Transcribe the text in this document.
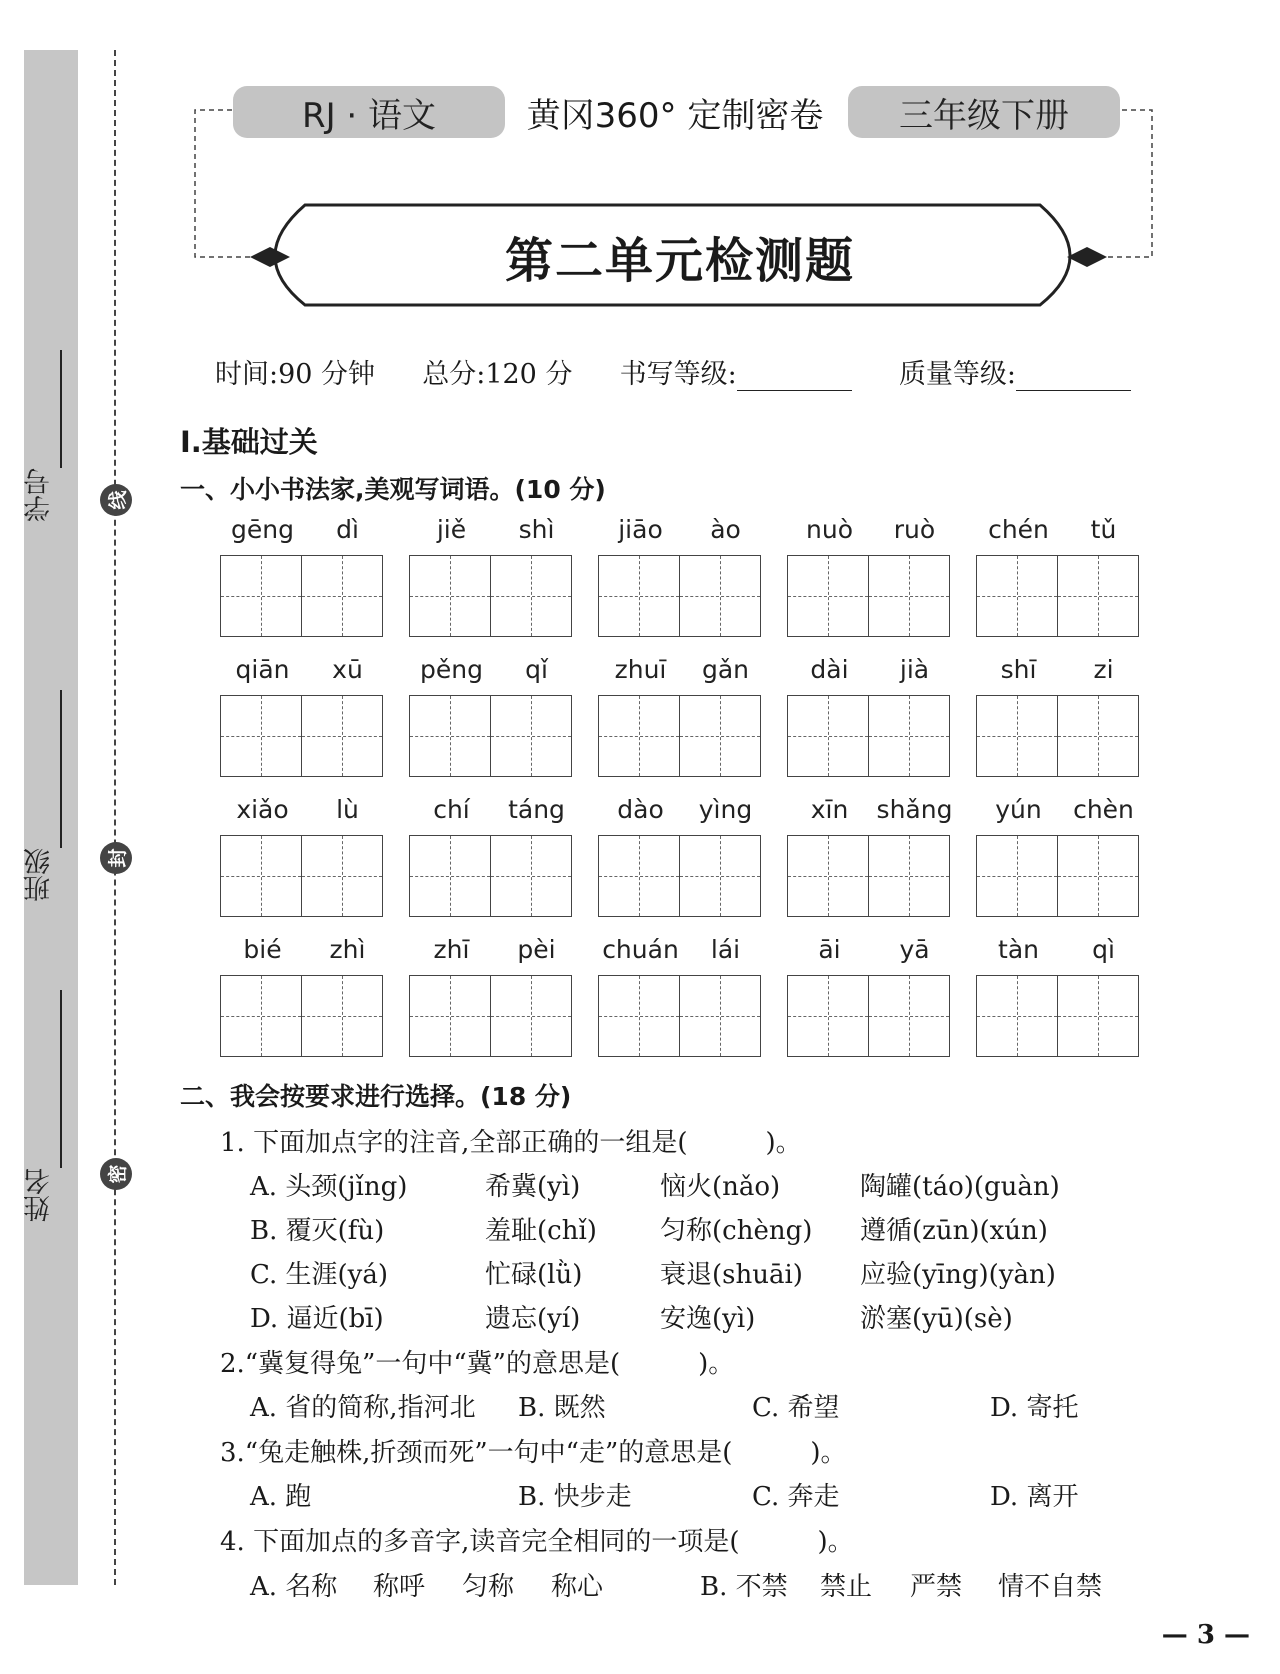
学号
班级
姓名
线
封
密
RJ · 语文	黄冈360° 定制密卷	三年级下册
第二单元检测题
时间:90 分钟 总分:120 分 书写等级:	质量等级:
Ⅰ.基础过关
一、小小书法家,美观写词语。(10 分)
gēng	dì	jiě	shì	jiāo	ào	nuò	ruò	chén	tǔ
qiān	xū	pěng	qǐ	zhuī	gǎn	dài	jià	shī	zi
xiǎo	lù	chí	táng	dào	yìng	xīn	shǎng	yún	chèn
bié	zhì	zhī	pèi	chuán	lái	āi	yā	tàn	qì
二、我会按要求进行选择。(18 分)
1. 下面加点字的注音,全部正确的一组是(　　　)。
A. 头颈(jǐng)	希冀(yì)	恼火(nǎo)	陶罐(táo)(guàn)
B. 覆灭(fù)	羞耻(chǐ) 匀称(chèng) 遵循(zūn)(xún)
C. 生涯(yá)	忙碌(lǜ)	衰退(shuāi) 应验(yīng)(yàn)
D. 逼近(bī)	遗忘(yí)	安逸(yì)	淤塞(yū)(sè)
2.“冀复得兔”一句中“冀”的意思是(　　　)。
A. 省的简称,指河北 B. 既然	C. 希望	D. 寄托
3.“兔走触株,折颈而死”一句中“走”的意思是(　　　)。
A. 跑	B. 快步走	C. 奔走	D. 离开
4. 下面加点的多音字,读音完全相同的一项是(　　　)。
A. 名称 称呼 匀称 称心	B. 不禁 禁止 严禁 情不自禁
— 3 —
